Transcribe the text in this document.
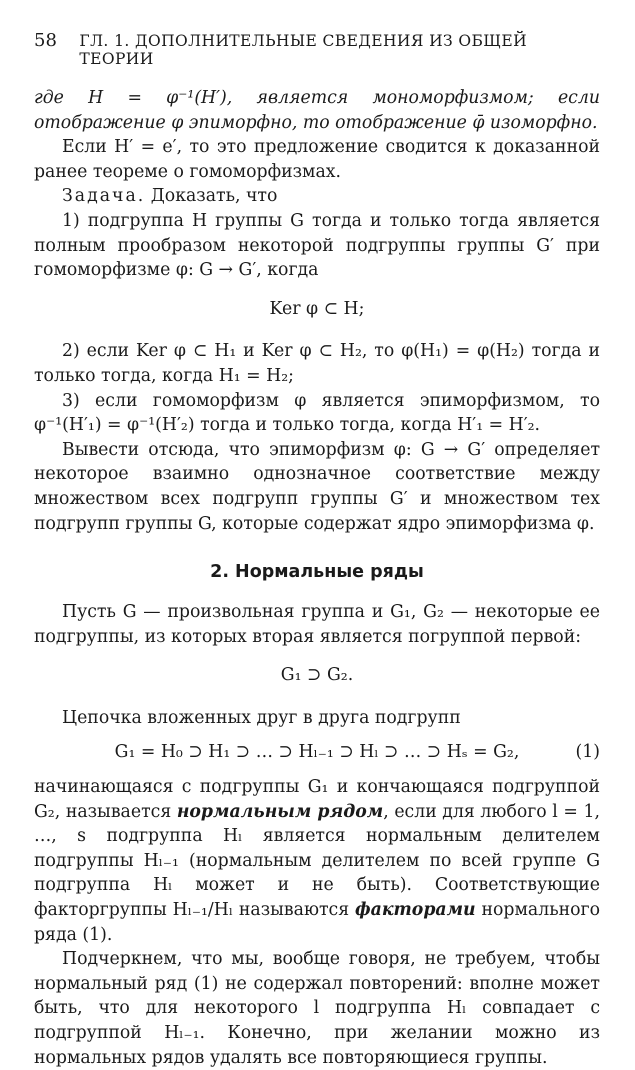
58	ГЛ. 1. ДОПОЛНИТЕЛЬНЫЕ СВЕДЕНИЯ ИЗ ОБЩЕЙ ТЕОРИИ

где H = φ⁻¹(H′), является мономорфизмом; если отображение φ эпиморфно, то отображение φ̄ изоморфно.

Если H′ = e′, то это предложение сводится к доказанной ранее теореме о гомоморфизмах.

Задача. Доказать, что

1) подгруппа H группы G тогда и только тогда является полным прообразом некоторой подгруппы группы G′ при гомоморфизме φ: G → G′, когда

Ker φ ⊂ H;

2) если Ker φ ⊂ H₁ и Ker φ ⊂ H₂, то φ(H₁) = φ(H₂) тогда и только тогда, когда H₁ = H₂;

3) если гомоморфизм φ является эпиморфизмом, то φ⁻¹(H′₁) = φ⁻¹(H′₂) тогда и только тогда, когда H′₁ = H′₂.

Вывести отсюда, что эпиморфизм φ: G → G′ определяет некоторое взаимно однозначное соответствие между множеством всех подгрупп группы G′ и множеством тех подгрупп группы G, которые содержат ядро эпиморфизма φ.

2. Нормальные ряды

Пусть G — произвольная группа и G₁, G₂ — некоторые ее подгруппы, из которых вторая является погруппой первой:

G₁ ⊃ G₂.

Цепочка вложенных друг в друга подгрупп

G₁ = H₀ ⊃ H₁ ⊃ … ⊃ Hₗ₋₁ ⊃ Hₗ ⊃ … ⊃ Hₛ = G₂,	(1)

начинающаяся с подгруппы G₁ и кончающаяся подгруппой G₂, называется нормальным рядом, если для любого l = 1, …, s подгруппа Hₗ является нормальным делителем подгруппы Hₗ₋₁ (нормальным делителем по всей группе G подгруппа Hₗ может и не быть). Соответствующие факторгруппы Hₗ₋₁/Hₗ называются факторами нормального ряда (1).

Подчеркнем, что мы, вообще говоря, не требуем, чтобы нормальный ряд (1) не содержал повторений: вполне может быть, что для некоторого l подгруппа Hₗ совпадает с подгруппой Hₗ₋₁. Конечно, при желании можно из нормальных рядов удалять все повторяющиеся группы.
